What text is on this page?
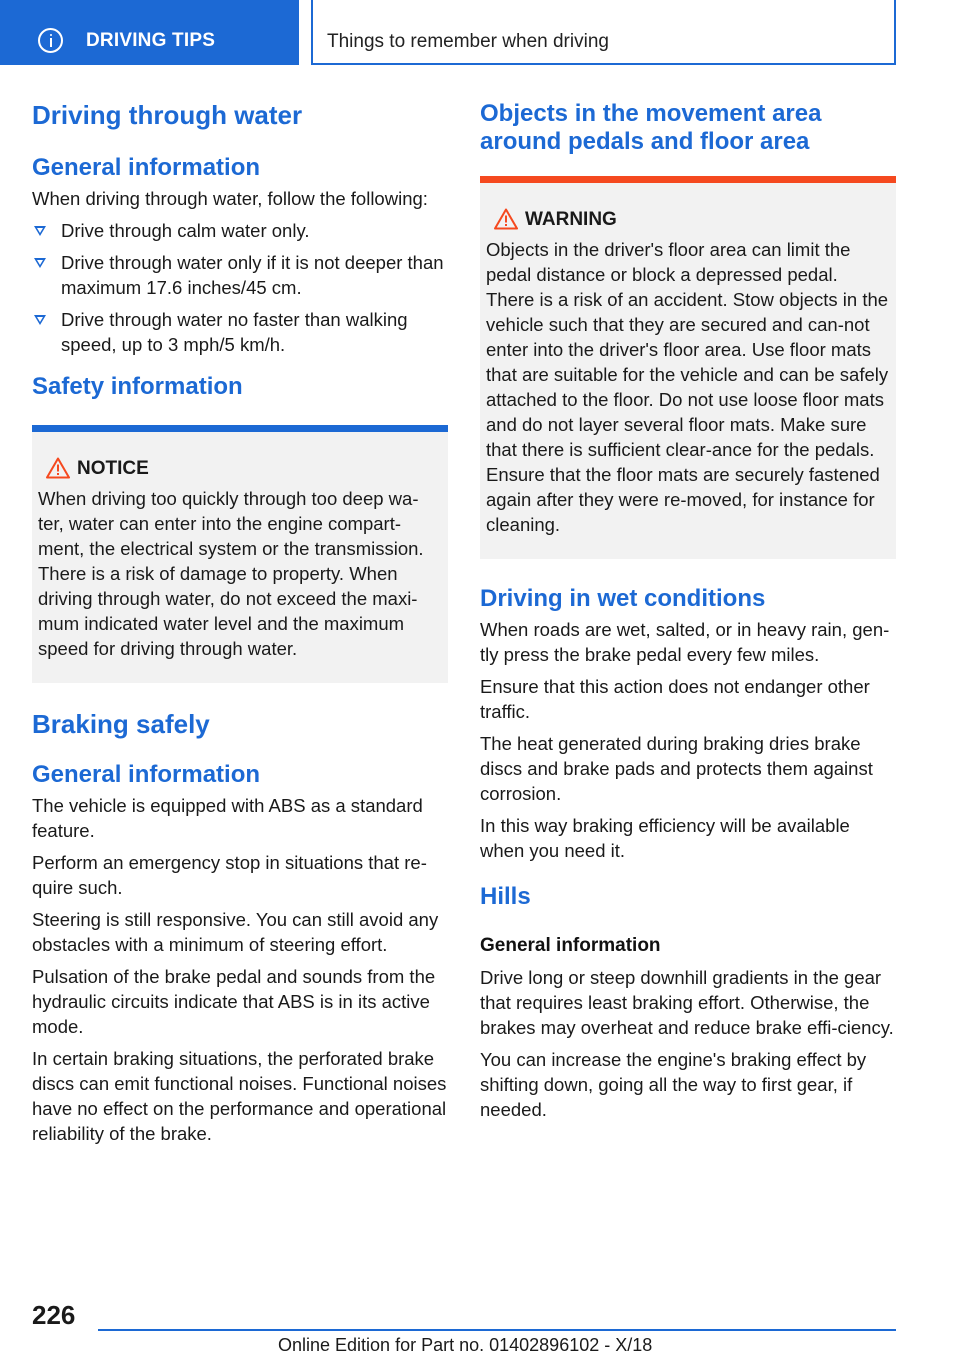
DRIVING TIPS	Things to remember when driving
Driving through water
General information

When driving through water, follow the following:

Drive through calm water only.
Drive through water only if it is not deeper than maximum 17.6 inches/45 cm.
Drive through water no faster than walking speed, up to 3 mph/5 km/h.
Safety information
NOTICE

When driving too quickly through too deep wa‐ter, water can enter into the engine compart‐ment, the electrical system or the transmission. There is a risk of damage to property. When driving through water, do not exceed the maxi‐mum indicated water level and the maximum speed for driving through water.

Braking safely
General information

The vehicle is equipped with ABS as a standard feature.

Perform an emergency stop in situations that re‐quire such.

Steering is still responsive. You can still avoid any obstacles with a minimum of steering effort.

Pulsation of the brake pedal and sounds from the hydraulic circuits indicate that ABS is in its active mode.

In certain braking situations, the perforated brake discs can emit functional noises. Functional noises have no effect on the performance and operational reliability of the brake.

Objects in the movement area around pedals and floor area
WARNING

Objects in the driver's floor area can limit the pedal distance or block a depressed pedal. There is a risk of an accident. Stow objects in the vehicle such that they are secured and can‐not enter into the driver's floor area. Use floor mats that are suitable for the vehicle and can be safely attached to the floor. Do not use loose floor mats and do not layer several floor mats. Make sure that there is sufficient clear‐ance for the pedals. Ensure that the floor mats are securely fastened again after they were re‐moved, for instance for cleaning.

Driving in wet conditions

When roads are wet, salted, or in heavy rain, gen‐tly press the brake pedal every few miles.

Ensure that this action does not endanger other traffic.

The heat generated during braking dries brake discs and brake pads and protects them against corrosion.

In this way braking efficiency will be available when you need it.

Hills
General information

Drive long or steep downhill gradients in the gear that requires least braking effort. Otherwise, the brakes may overheat and reduce brake effi‐ciency.

You can increase the engine's braking effect by shifting down, going all the way to first gear, if needed.

226
Online Edition for Part no. 01402896102 - X/18
